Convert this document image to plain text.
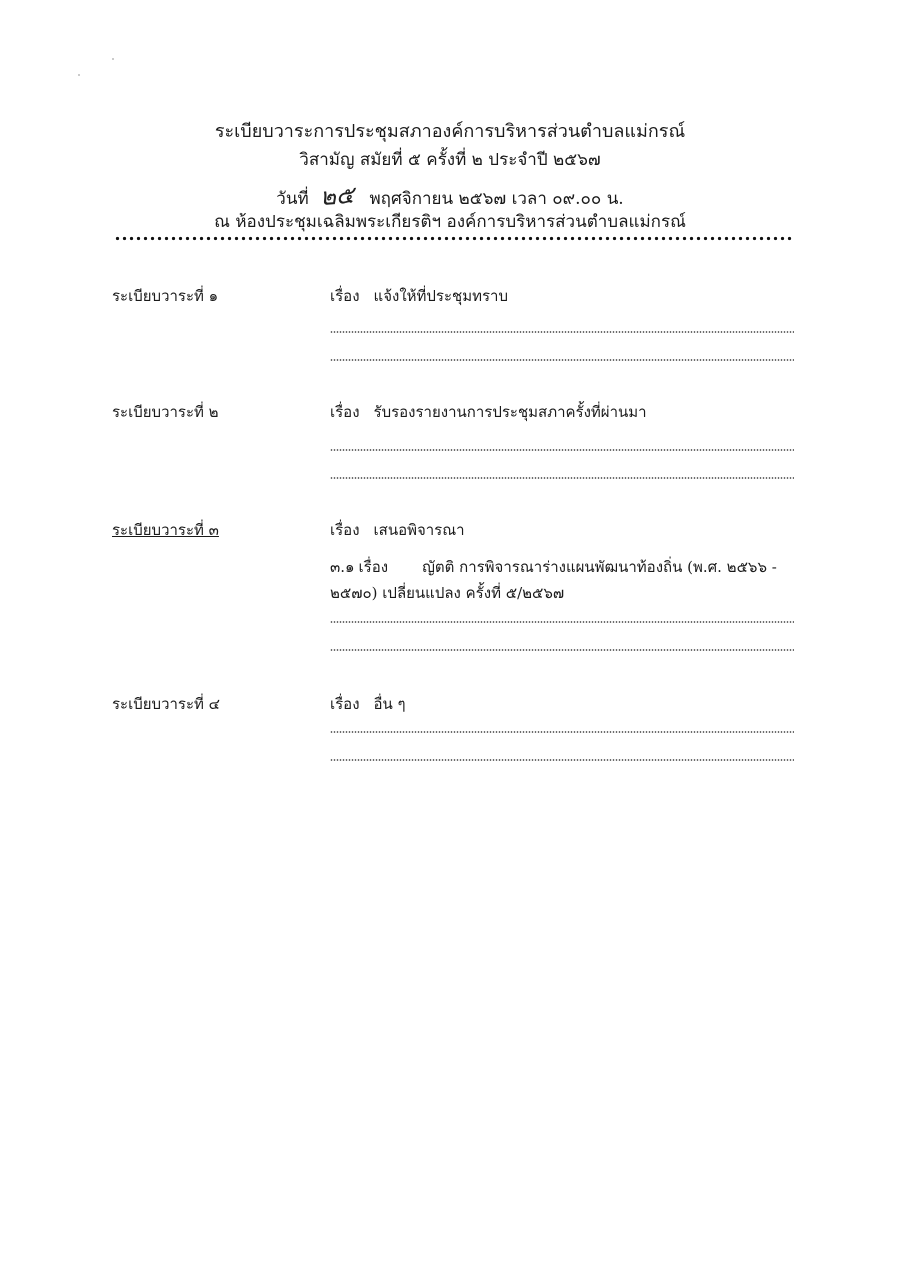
ระเบียบวาระการประชุมสภาองค์การบริหารส่วนตำบลแม่กรณ์
วิสามัญ สมัยที่ ๕ ครั้งที่ ๒ ประจำปี ๒๕๖๗
วันที่ ๒๕ พฤศจิกายน ๒๕๖๗ เวลา ๐๙.๐๐ น.
ณ ห้องประชุมเฉลิมพระเกียรติฯ องค์การบริหารส่วนตำบลแม่กรณ์
ระเบียบวาระที่ ๑	เรื่อง แจ้งให้ที่ประชุมทราบ
ระเบียบวาระที่ ๒	เรื่อง รับรองรายงานการประชุมสภาครั้งที่ผ่านมา
ระเบียบวาระที่ ๓	เรื่อง เสนอพิจารณา
๓.๑ เรื่อง ญัตติ การพิจารณาร่างแผนพัฒนาท้องถิ่น (พ.ศ. ๒๕๖๖ -
๒๕๗๐) เปลี่ยนแปลง ครั้งที่ ๕/๒๕๖๗
ระเบียบวาระที่ ๔	เรื่อง อื่น ๆ
